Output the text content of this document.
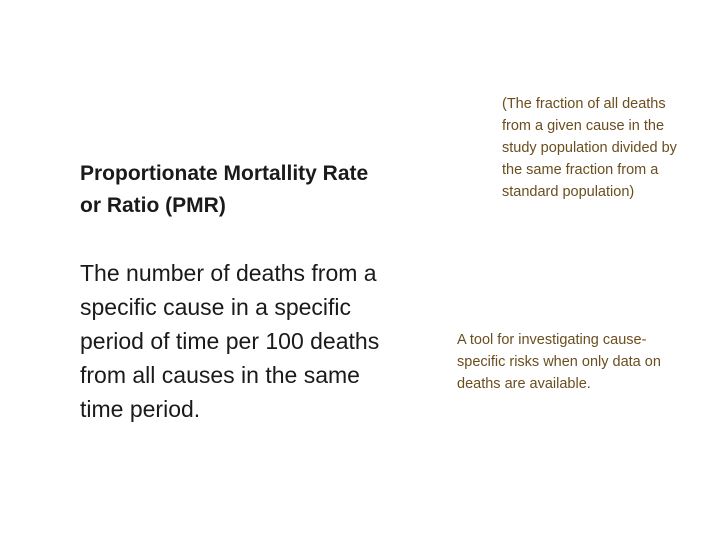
Proportionate Mortallity Rate or Ratio (PMR)
The number of deaths from a specific cause in a specific period of time per 100 deaths from all causes in the same time period.
(The fraction of all deaths from a given cause in the study population divided by the same fraction from a standard population)
A tool for investigating cause-specific risks when only data on deaths are available.
